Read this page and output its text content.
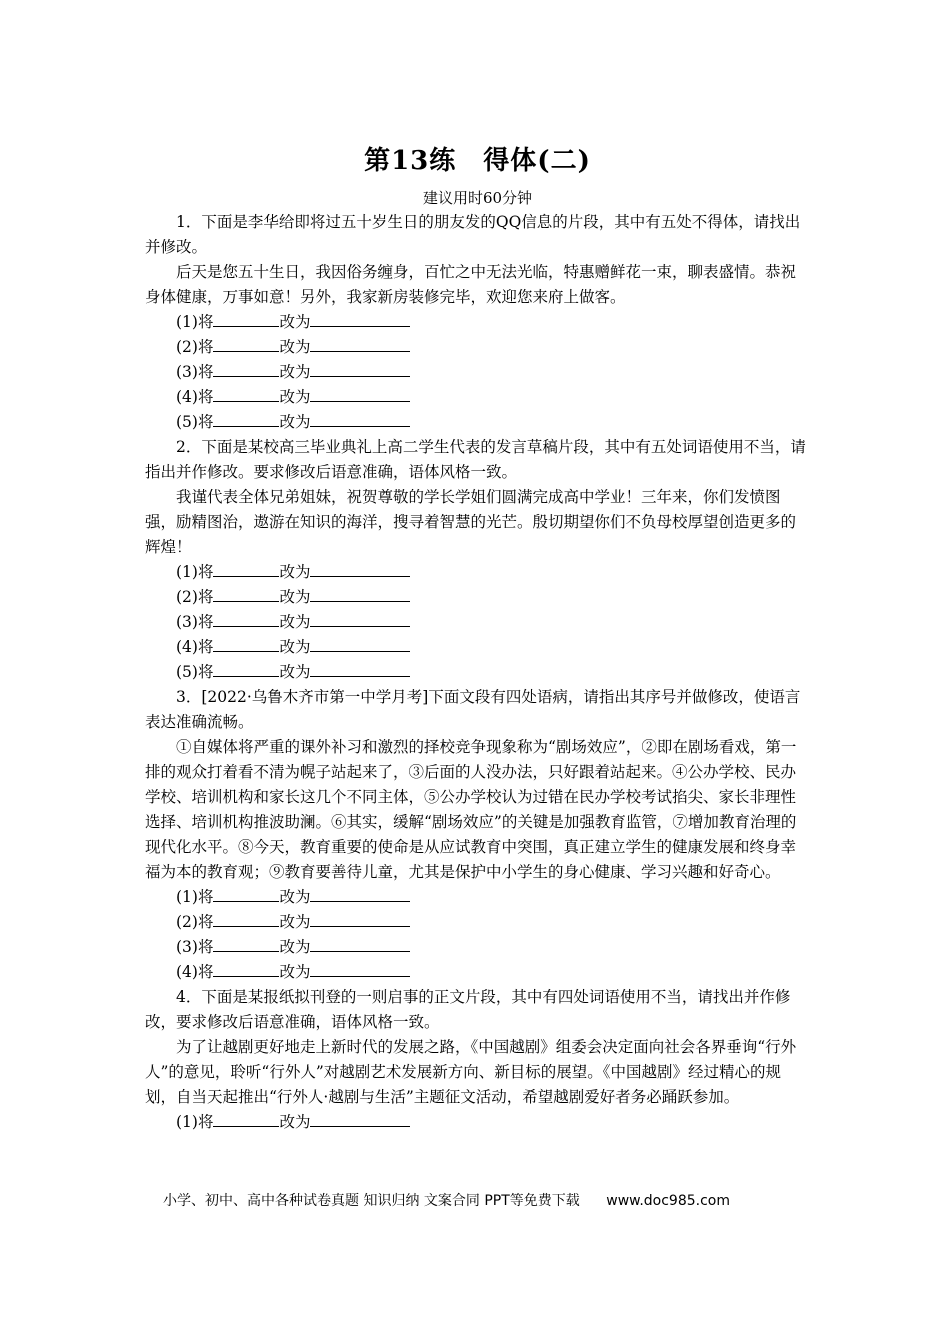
第13练　得体(二)
建议用时60分钟

1．下面是李华给即将过五十岁生日的朋友发的QQ信息的片段，其中有五处不得体，请找出并修改。

后天是您五十生日，我因俗务缠身，百忙之中无法光临，特惠赠鲜花一束，聊表盛情。恭祝身体健康，万事如意！另外，我家新房装修完毕，欢迎您来府上做客。

(1)将	改为

(2)将	改为

(3)将	改为

(4)将	改为

(5)将	改为

2．下面是某校高三毕业典礼上高二学生代表的发言草稿片段，其中有五处词语使用不当，请指出并作修改。要求修改后语意准确，语体风格一致。

我谨代表全体兄弟姐妹，祝贺尊敬的学长学姐们圆满完成高中学业！三年来，你们发愤图强，励精图治，遨游在知识的海洋，搜寻着智慧的光芒。殷切期望你们不负母校厚望创造更多的辉煌！

(1)将	改为

(2)将	改为

(3)将	改为

(4)将	改为

(5)将	改为

3．[2022·乌鲁木齐市第一中学月考]下面文段有四处语病，请指出其序号并做修改，使语言表达准确流畅。

①自媒体将严重的课外补习和激烈的择校竞争现象称为“剧场效应”，②即在剧场看戏，第一排的观众打着看不清为幌子站起来了，③后面的人没办法，只好跟着站起来。④公办学校、民办学校、培训机构和家长这几个不同主体，⑤公办学校认为过错在民办学校考试掐尖、家长非理性选择、培训机构推波助澜。⑥其实，缓解“剧场效应”的关键是加强教育监管，⑦增加教育治理的现代化水平。⑧今天，教育重要的使命是从应试教育中突围，真正建立学生的健康发展和终身幸福为本的教育观；⑨教育要善待儿童，尤其是保护中小学生的身心健康、学习兴趣和好奇心。

(1)将	改为

(2)将	改为

(3)将	改为

(4)将	改为

4．下面是某报纸拟刊登的一则启事的正文片段，其中有四处词语使用不当，请找出并作修改，要求修改后语意准确，语体风格一致。

为了让越剧更好地走上新时代的发展之路，《中国越剧》组委会决定面向社会各界垂询“行外人”的意见，聆听“行外人”对越剧艺术发展新方向、新目标的展望。《中国越剧》经过精心的规划，自当天起推出“行外人·越剧与生活”主题征文活动，希望越剧爱好者务必踊跃参加。

(1)将	改为

小学、初中、高中各种试卷真题 知识归纳 文案合同 PPT等免费下载 www.doc985.com
